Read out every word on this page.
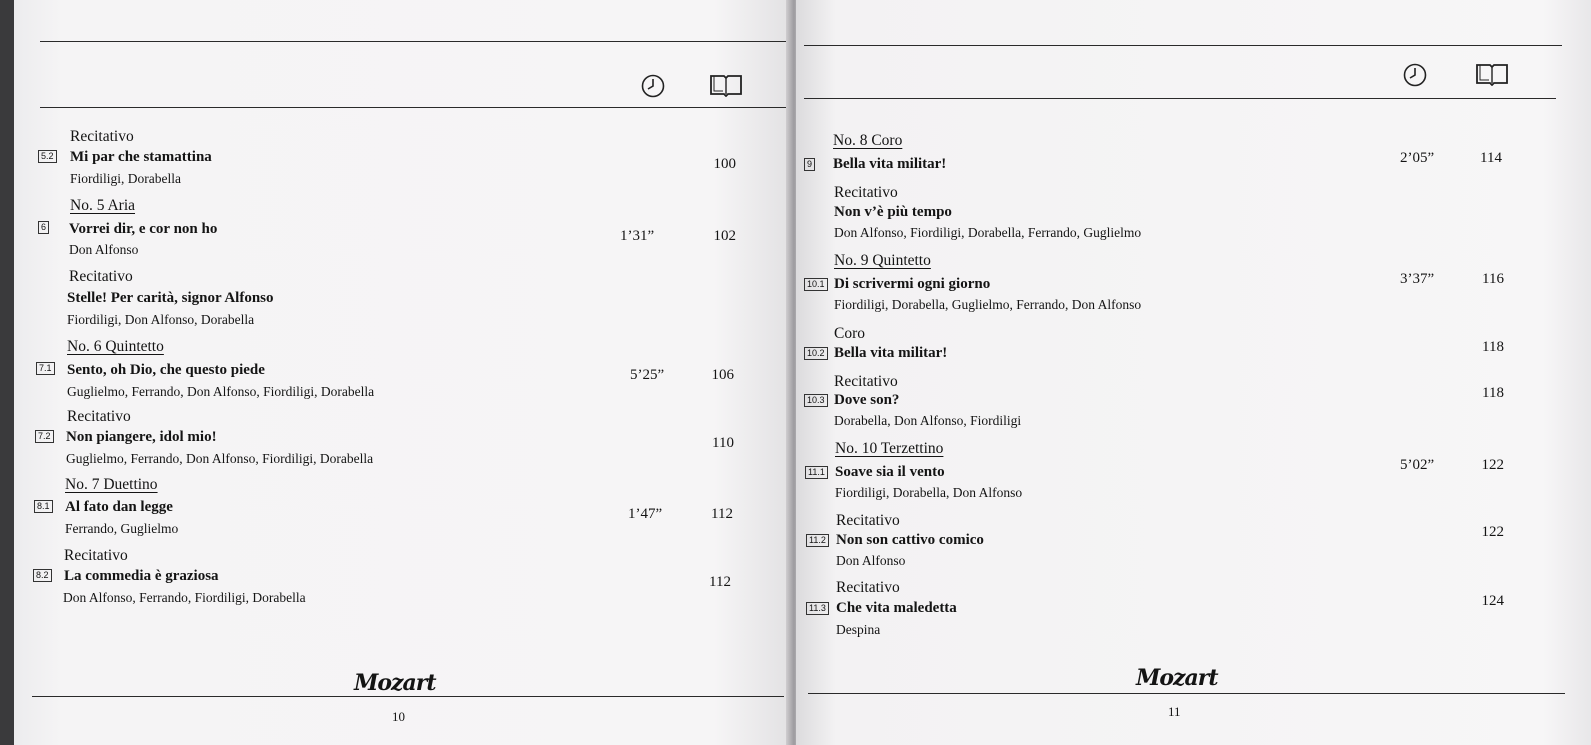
Recitativo
5.2 Mi par che stamattina
Fiordiligi, Dorabella
100
No. 5 Aria
6 Vorrei dir, e cor non ho
Don Alfonso
1’31”	102
Recitativo
Stelle! Per carità, signor Alfonso
Fiordiligi, Don Alfonso, Dorabella
No. 6 Quintetto
7.1 Sento, oh Dio, che questo piede
Guglielmo, Ferrando, Don Alfonso, Fiordiligi, Dorabella
5’25”	106
Recitativo
7.2 Non piangere, idol mio!
Guglielmo, Ferrando, Don Alfonso, Fiordiligi, Dorabella
110
No. 7 Duettino
8.1 Al fato dan legge
Ferrando, Guglielmo
1’47”	112
Recitativo
8.2 La commedia è graziosa
Don Alfonso, Ferrando, Fiordiligi, Dorabella
112
Mozart
10
No. 8 Coro
9 Bella vita militar!	2’05”	114
Recitativo
Non v’è più tempo
Don Alfonso, Fiordiligi, Dorabella, Ferrando, Guglielmo
No. 9 Quintetto
10.1 Di scrivermi ogni giorno
Fiordiligi, Dorabella, Guglielmo, Ferrando, Don Alfonso
3’37”	116
Coro
10.2 Bella vita militar!	118
Recitativo
10.3 Dove son?
Dorabella, Don Alfonso, Fiordiligi
118
No. 10 Terzettino
11.1 Soave sia il vento
Fiordiligi, Dorabella, Don Alfonso
5’02”	122
Recitativo
11.2 Non son cattivo comico
Don Alfonso
122
Recitativo
11.3 Che vita maledetta
Despina
124
Mozart
11
